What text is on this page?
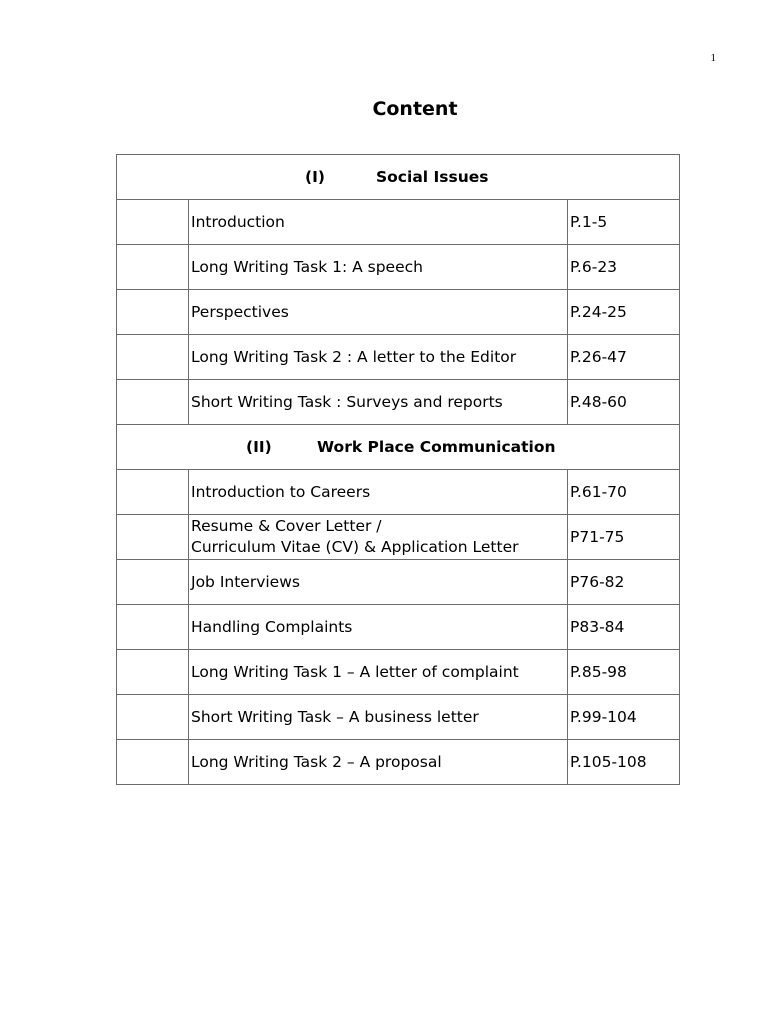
1
Content
(I) Social Issues		

	Introduction	P.1-5
	Long Writing Task 1: A speech	P.6-23
	Perspectives	P.24-25
	Long Writing Task 2 : A letter to the Editor	P.26-47
	Short Writing Task : Surveys and reports	P.48-60

(II) Work Place Communication		

	Introduction to Careers	P.61-70

	Resume & Cover Letter /
Curriculum Vitae (CV) & Application Letter	P71-75
	Job Interviews	P76-82
	Handling Complaints	P83-84
	Long Writing Task 1 – A letter of complaint	P.85-98
	Short Writing Task – A business letter	P.99-104
	Long Writing Task 2 – A proposal	P.105-108
